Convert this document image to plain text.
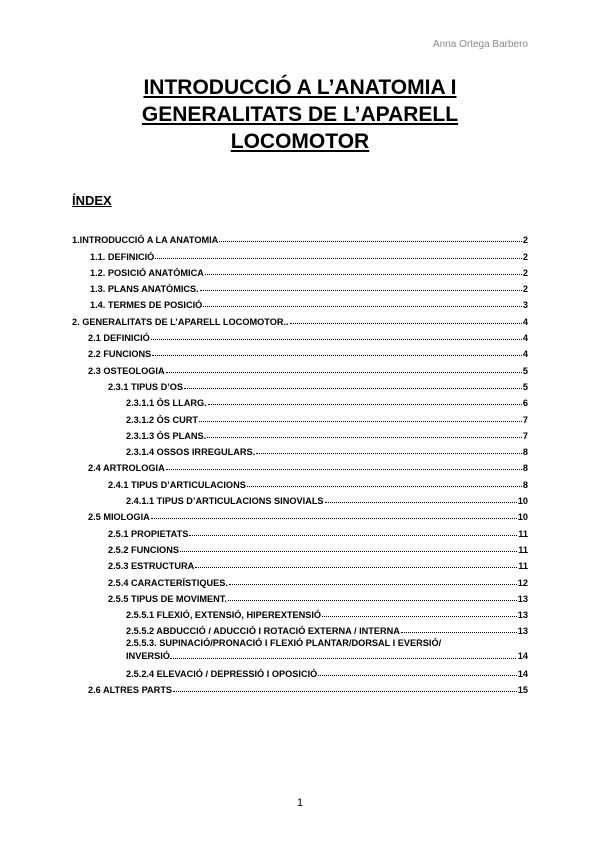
Anna Ortega Barbero
INTRODUCCIÓ A L’ANATOMIA I
GENERALITATS DE L’APARELL
LOCOMOTOR
ÍNDEX
1.INTRODUCCIÓ A LA ANATOMIA	2
1.1. DEFINICIÓ	2
1.2. POSICIÓ ANATÒMICA	2
1.3. PLANS ANATÒMICS.	2
1.4. TERMES DE POSICIÓ	3
2. GENERALITATS DE L’APARELL LOCOMOTOR..	4
2.1 DEFINICIÓ	4
2.2 FUNCIONS	4
2.3 OSTEOLOGIA	5
2.3.1 TIPUS D’OS	5
2.3.1.1 ÒS LLARG.	6
2.3.1.2 ÒS CURT	7
2.3.1.3 ÒS PLANS.	7
2.3.1.4 OSSOS IRREGULARS.	8
2.4 ARTROLOGIA	8
2.4.1 TIPUS D’ARTICULACIONS	8
2.4.1.1 TIPUS D’ARTICULACIONS SINOVIALS	10
2.5 MIOLOGIA	10
2.5.1 PROPIETATS	11
2.5.2 FUNCIONS	11
2.5.3 ESTRUCTURA	11
2.5.4 CARACTERÍSTIQUES.	12
2.5.5 TIPUS DE MOVIMENT.	13
2.5.5.1 FLEXIÓ, EXTENSIÓ, HIPEREXTENSIÓ	13
2.5.5.2 ABDUCCIÓ / ADUCCIÓ I ROTACIÓ EXTERNA / INTERNA	13
2.5.5.3. SUPINACIÓ/PRONACIÓ I FLEXIÓ PLANTAR/DORSAL I EVERSIÓ/
INVERSIÓ	14
2.5.2.4 ELEVACIÓ / DEPRESSIÓ I OPOSICIÓ	14
2.6 ALTRES PARTS	15
1
